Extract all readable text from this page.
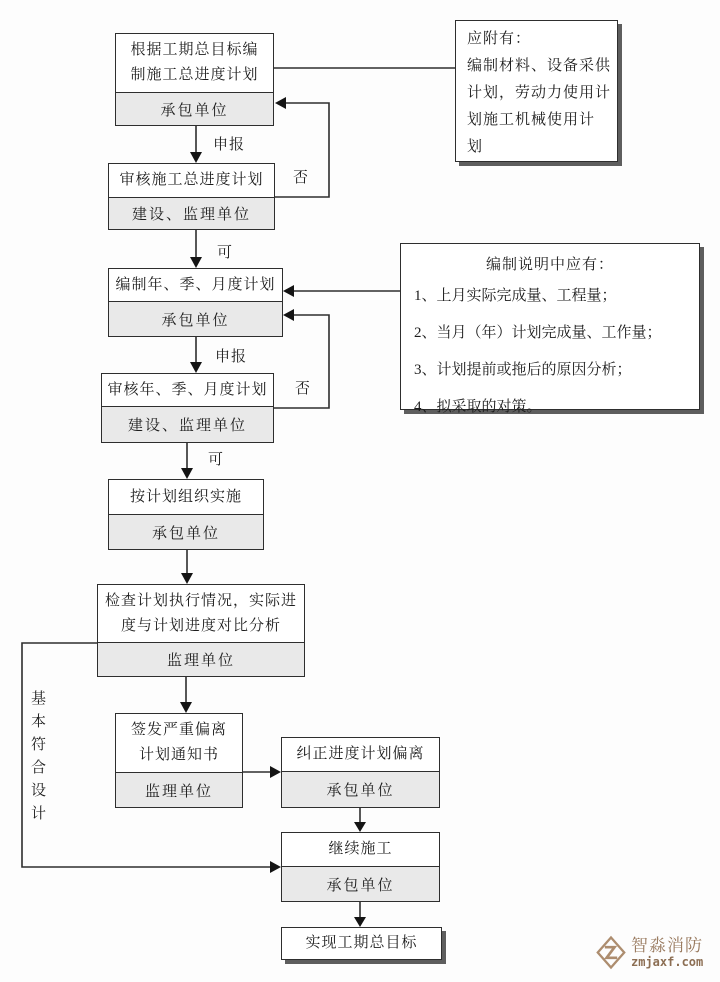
根据工期总目标编
制施工总进度计划
承包单位
审核施工总进度计划
建设、监理单位
编制年、季、月度计划
承包单位
审核年、季、月度计划
建设、监理单位
按计划组织实施
承包单位
检查计划执行情况，实际进
度与计划进度对比分析
监理单位
签发严重偏离
计划通知书
监理单位
纠正进度计划偏离
承包单位
继续施工
承包单位
实现工期总目标
应附有：
编制材料、设备采供
计划，劳动力使用计
划施工机械使用计
划
编制说明中应有：
1、上月实际完成量、工程量；
2、当月（年）计划完成量、工作量；
3、计划提前或拖后的原因分析；
4、拟采取的对策。
申报
否
可
申报
否
可
基本符合设计
智淼消防
zmjaxf.com
